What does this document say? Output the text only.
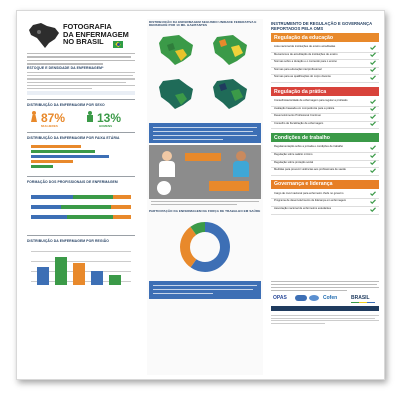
FOTOGRAFIA
DA ENFERMAGEM
NO BRASIL
ESTOQUE E DENSIDADE DA ENFERMAGEM*
DISTRIBUIÇÃO DA ENFERMAGEM POR SEXO
87%
MULHERES
13%
HOMENS
DISTRIBUIÇÃO DA ENFERMAGEM POR FAIXA ETÁRIA
FORMAÇÃO DOS PROFISSIONAIS DE ENFERMAGEM
DISTRIBUIÇÃO DA ENFERMAGEM POR REGIÃO
DISTRIBUIÇÃO DA ENFERMAGEM SEGUNDO UNIDADE FEDERATIVA E DENSIDADE POR 10 MIL HABITANTES
PARTICIPAÇÃO DA ENFERMAGEM NA FORÇA DE TRABALHO EM SAÚDE
INSTRUMENTO DE REGULAÇÃO E GOVERNANÇA REPORTADOS PELA OMS
Regulação da educação
Lista nacional de instituições de ensino acreditadas
Mecanismos de acreditação de instituições de ensino
Normas sobre a duração e o conteúdo para o ensino
Normas para educação interprofissional
Normas para as qualificações do corpo docente
Regulação da prática
Conselho/autoridade de enfermagem para regular a profissão
Avaliação baseada em competência para a prática
Desenvolvimento Profissional Contínuo
Conselho de fiscalização de enfermagem
Condições de trabalho
Regulamentação sobre a jornada e condições de trabalho
Regulação sobre salário mínimo
Regulação sobre proteção social
Medidas para prevenir violências aos profissionais de saúde
Governança e liderança
Cargo de nível nacional para enfermeiro chefe no governo
Programa de desenvolvimento de liderança em enfermagem
Associação nacional de enfermeiros estudantes
OPAS	Cofen	BRASIL
